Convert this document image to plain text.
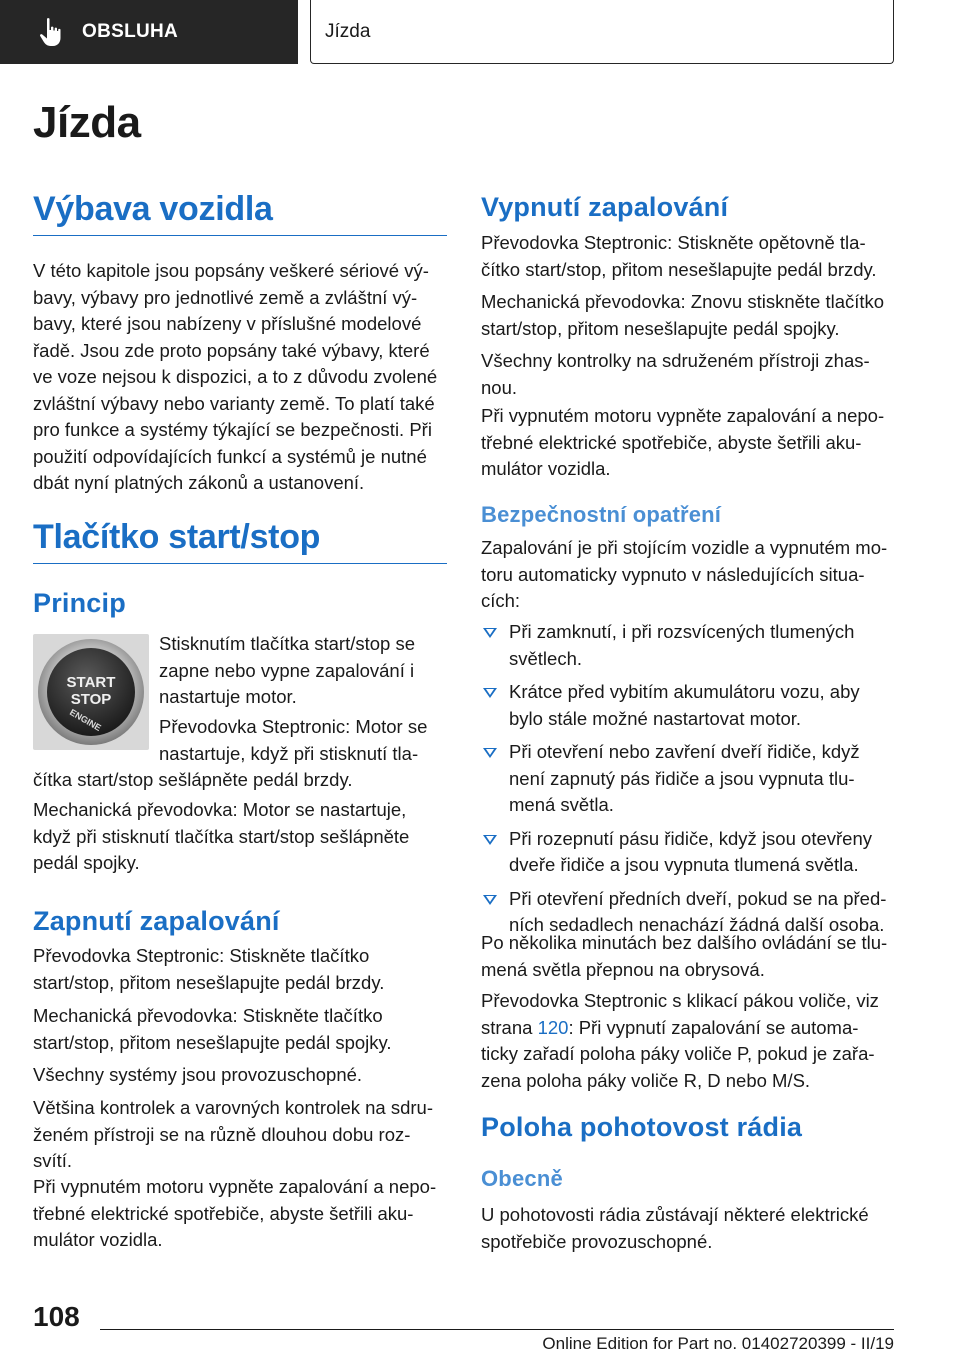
OBSLUHA	Jízda
Jízda
Výbava vozidla

V této kapitole jsou popsány veškeré sériové vý-bavy, výbavy pro jednotlivé země a zvláštní vý-bavy, které jsou nabízeny v příslušné modelové řadě. Jsou zde proto popsány také výbavy, které ve voze nejsou k dispozici, a to z důvodu zvolené zvláštní výbavy nebo varianty země. To platí také pro funkce a systémy týkající se bezpečnosti. Při použití odpovídajících funkcí a systémů je nutné dbát nyní platných zákonů a ustanovení.

Tlačítko start/stop
Princip
START
STOP
ENGINE

Stisknutím tlačítka start/stop se zapne nebo vypne zapalování i nastartuje motor.

Převodovka Steptronic: Motor se nastartuje, když při stisknutí tla-

čítka start/stop sešlápněte pedál brzdy.

Mechanická převodovka: Motor se nastartuje, když při stisknutí tlačítka start/stop sešlápněte pedál spojky.

Zapnutí zapalování

Převodovka Steptronic: Stiskněte tlačítko start/stop, přitom nesešlapujte pedál brzdy.

Mechanická převodovka: Stiskněte tlačítko start/stop, přitom nesešlapujte pedál spojky.

Všechny systémy jsou provozuschopné.

Většina kontrolek a varovných kontrolek na sdru-ženém přístroji se na různě dlouhou dobu roz-svítí.

Při vypnutém motoru vypněte zapalování a nepo-třebné elektrické spotřebiče, abyste šetřili aku-mulátor vozidla.

Vypnutí zapalování

Převodovka Steptronic: Stiskněte opětovně tla-čítko start/stop, přitom nesešlapujte pedál brzdy.

Mechanická převodovka: Znovu stiskněte tlačítko start/stop, přitom nesešlapujte pedál spojky.

Všechny kontrolky na sdruženém přístroji zhas-nou.

Při vypnutém motoru vypněte zapalování a nepo-třebné elektrické spotřebiče, abyste šetřili aku-mulátor vozidla.

Bezpečnostní opatření

Zapalování je při stojícím vozidle a vypnutém mo-toru automaticky vypnuto v následujících situa-cích:

Při zamknutí, i při rozsvícených tlumených světlech.
Krátce před vybitím akumulátoru vozu, aby bylo stále možné nastartovat motor.
Při otevření nebo zavření dveří řidiče, když není zapnutý pás řidiče a jsou vypnuta tlu-mená světla.
Při rozepnutí pásu řidiče, když jsou otevřeny dveře řidiče a jsou vypnuta tlumená světla.
Při otevření předních dveří, pokud se na před-ních sedadlech nenachází žádná další osoba.

Po několika minutách bez dalšího ovládání se tlu-mená světla přepnou na obrysová.

Převodovka Steptronic s klikací pákou voliče, viz strana 120: Při vypnutí zapalování se automa-ticky zařadí poloha páky voliče P, pokud je zařa-zena poloha páky voliče R, D nebo M/S.

Poloha pohotovost rádia
Obecně

U pohotovosti rádia zůstávají některé elektrické spotřebiče provozuschopné.

108
Online Edition for Part no. 01402720399 - II/19
